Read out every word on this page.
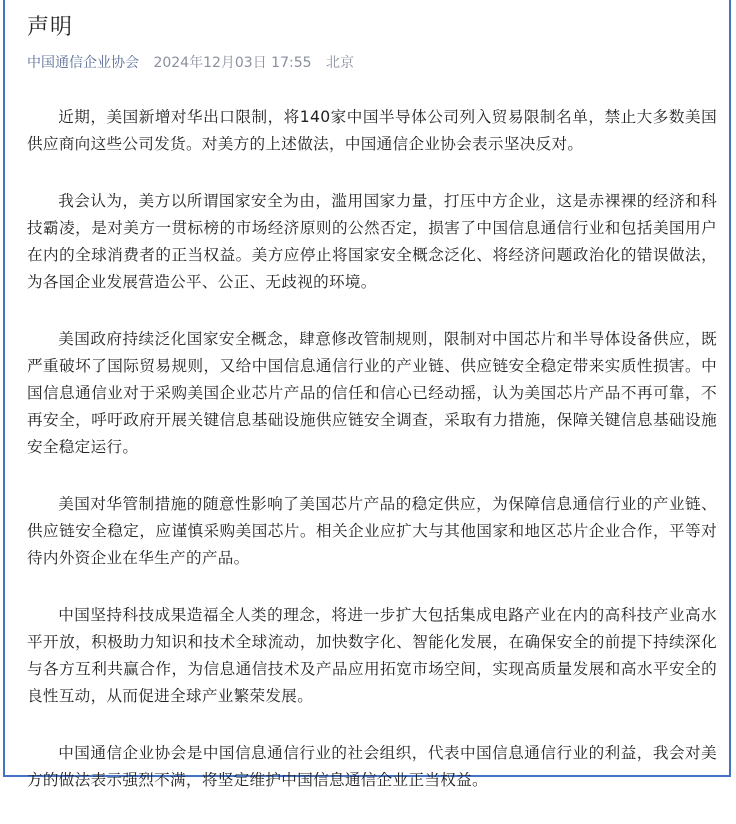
声明
中国通信企业协会 2024年12月03日 17:55 北京

近期，美国新增对华出口限制，将140家中国半导体公司列入贸易限制名单，禁止大多数美国供应商向这些公司发货。对美方的上述做法，中国通信企业协会表示坚决反对。

我会认为，美方以所谓国家安全为由，滥用国家力量，打压中方企业，这是赤裸裸的经济和科技霸凌，是对美方一贯标榜的市场经济原则的公然否定，损害了中国信息通信行业和包括美国用户在内的全球消费者的正当权益。美方应停止将国家安全概念泛化、将经济问题政治化的错误做法，为各国企业发展营造公平、公正、无歧视的环境。

美国政府持续泛化国家安全概念，肆意修改管制规则，限制对中国芯片和半导体设备供应，既严重破坏了国际贸易规则，又给中国信息通信行业的产业链、供应链安全稳定带来实质性损害。中国信息通信业对于采购美国企业芯片产品的信任和信心已经动摇，认为美国芯片产品不再可靠，不再安全，呼吁政府开展关键信息基础设施供应链安全调查，采取有力措施，保障关键信息基础设施安全稳定运行。

美国对华管制措施的随意性影响了美国芯片产品的稳定供应，为保障信息通信行业的产业链、供应链安全稳定，应谨慎采购美国芯片。相关企业应扩大与其他国家和地区芯片企业合作，平等对待内外资企业在华生产的产品。

中国坚持科技成果造福全人类的理念，将进一步扩大包括集成电路产业在内的高科技产业高水平开放，积极助力知识和技术全球流动，加快数字化、智能化发展，在确保安全的前提下持续深化与各方互利共赢合作，为信息通信技术及产品应用拓宽市场空间，实现高质量发展和高水平安全的良性互动，从而促进全球产业繁荣发展。

中国通信企业协会是中国信息通信行业的社会组织，代表中国信息通信行业的利益，我会对美方的做法表示强烈不满，将坚定维护中国信息通信企业正当权益。
